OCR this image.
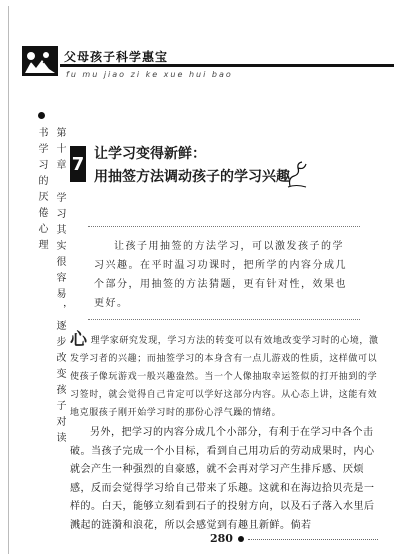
父母孩子科学惠宝
fu mu jiao zi ke xue hui bao
第十章 学习其实很容易，逐步改变孩子对读书学习的厌倦心理	7 让学习变得新鲜：
用抽签方法调动孩子的学习兴趣

让孩子用抽签的方法学习，可以激发孩子的学习兴趣。在平时温习功课时，把所学的内容分成几个部分，用抽签的方法猜题，更有针对性，效果也更好。

心理学家研究发现，学习方法的转变可以有效地改变学习时的心境，激发学习者的兴趣；而抽签学习的本身含有一点儿游戏的性质，这样做可以使孩子像玩游戏一般兴趣盎然。当一个人像抽取幸运签似的打开抽到的学习签时，就会觉得自己肯定可以学好这部分内容。从心态上讲，这能有效地克服孩子刚开始学习时的那份心浮气躁的情绪。

另外，把学习的内容分成几个小部分，有利于在学习中各个击破。当孩子完成一个小目标，看到自己用功后的劳动成果时，内心就会产生一种强烈的自豪感，就不会再对学习产生排斥感、厌烦感，反而会觉得学习给自己带来了乐趣。这就和在海边拾贝壳是一样的。白天，能够立刻看到石子的投射方向，以及石子落入水里后溅起的涟漪和浪花，所以会感觉到有趣且新鲜。倘若

280
